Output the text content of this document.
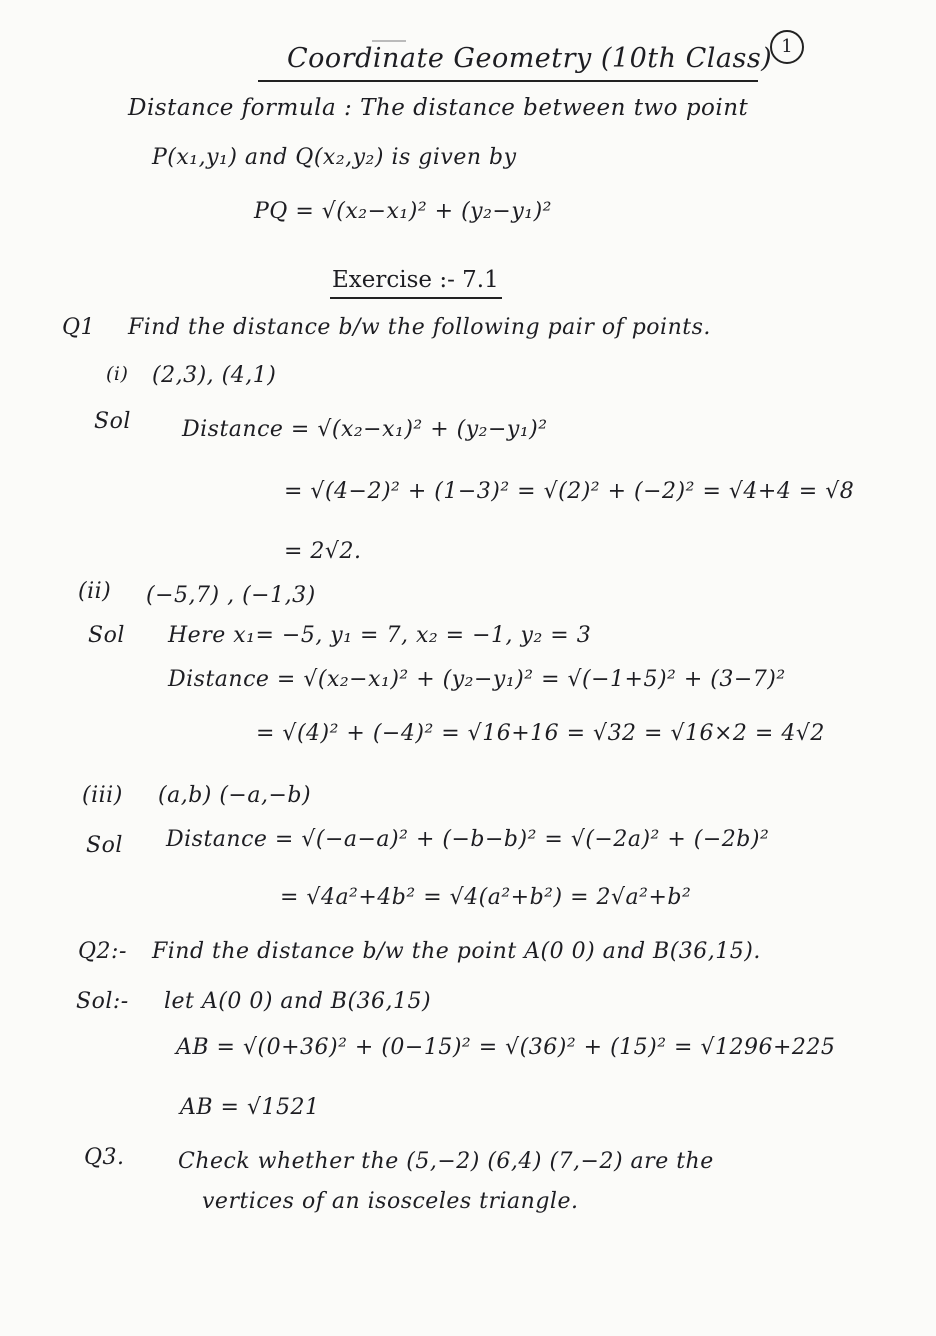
Coordinate Geometry (10th Class) 1
Distance formula : The distance between two point
P(x₁,y₁) and Q(x₂,y₂) is given by
PQ = √(x₂−x₁)² + (y₂−y₁)²
Exercise :- 7.1
Q1 Find the distance b/w the following pair of points.
(i) (2,3), (4,1)
Sol Distance = √(x₂−x₁)² + (y₂−y₁)²
= √(4−2)² + (1−3)² = √(2)² + (−2)² = √4+4 = √8
= 2√2.
(ii) (−5,7) , (−1,3)
Sol Here x₁= −5, y₁ = 7, x₂ = −1, y₂ = 3
Distance = √(x₂−x₁)² + (y₂−y₁)² = √(−1+5)² + (3−7)²
= √(4)² + (−4)² = √16+16 = √32 = √16×2 = 4√2
(iii) (a,b) (−a,−b)
Sol Distance = √(−a−a)² + (−b−b)² = √(−2a)² + (−2b)²
= √4a²+4b² = √4(a²+b²) = 2√a²+b²
Q2:- Find the distance b/w the point A(0 0) and B(36,15).
Sol:- let A(0 0) and B(36,15)
AB = √(0+36)² + (0−15)² = √(36)² + (15)² = √1296+225
AB = √1521
Q3. Check whether the (5,−2) (6,4) (7,−2) are the
vertices of an isosceles triangle.
